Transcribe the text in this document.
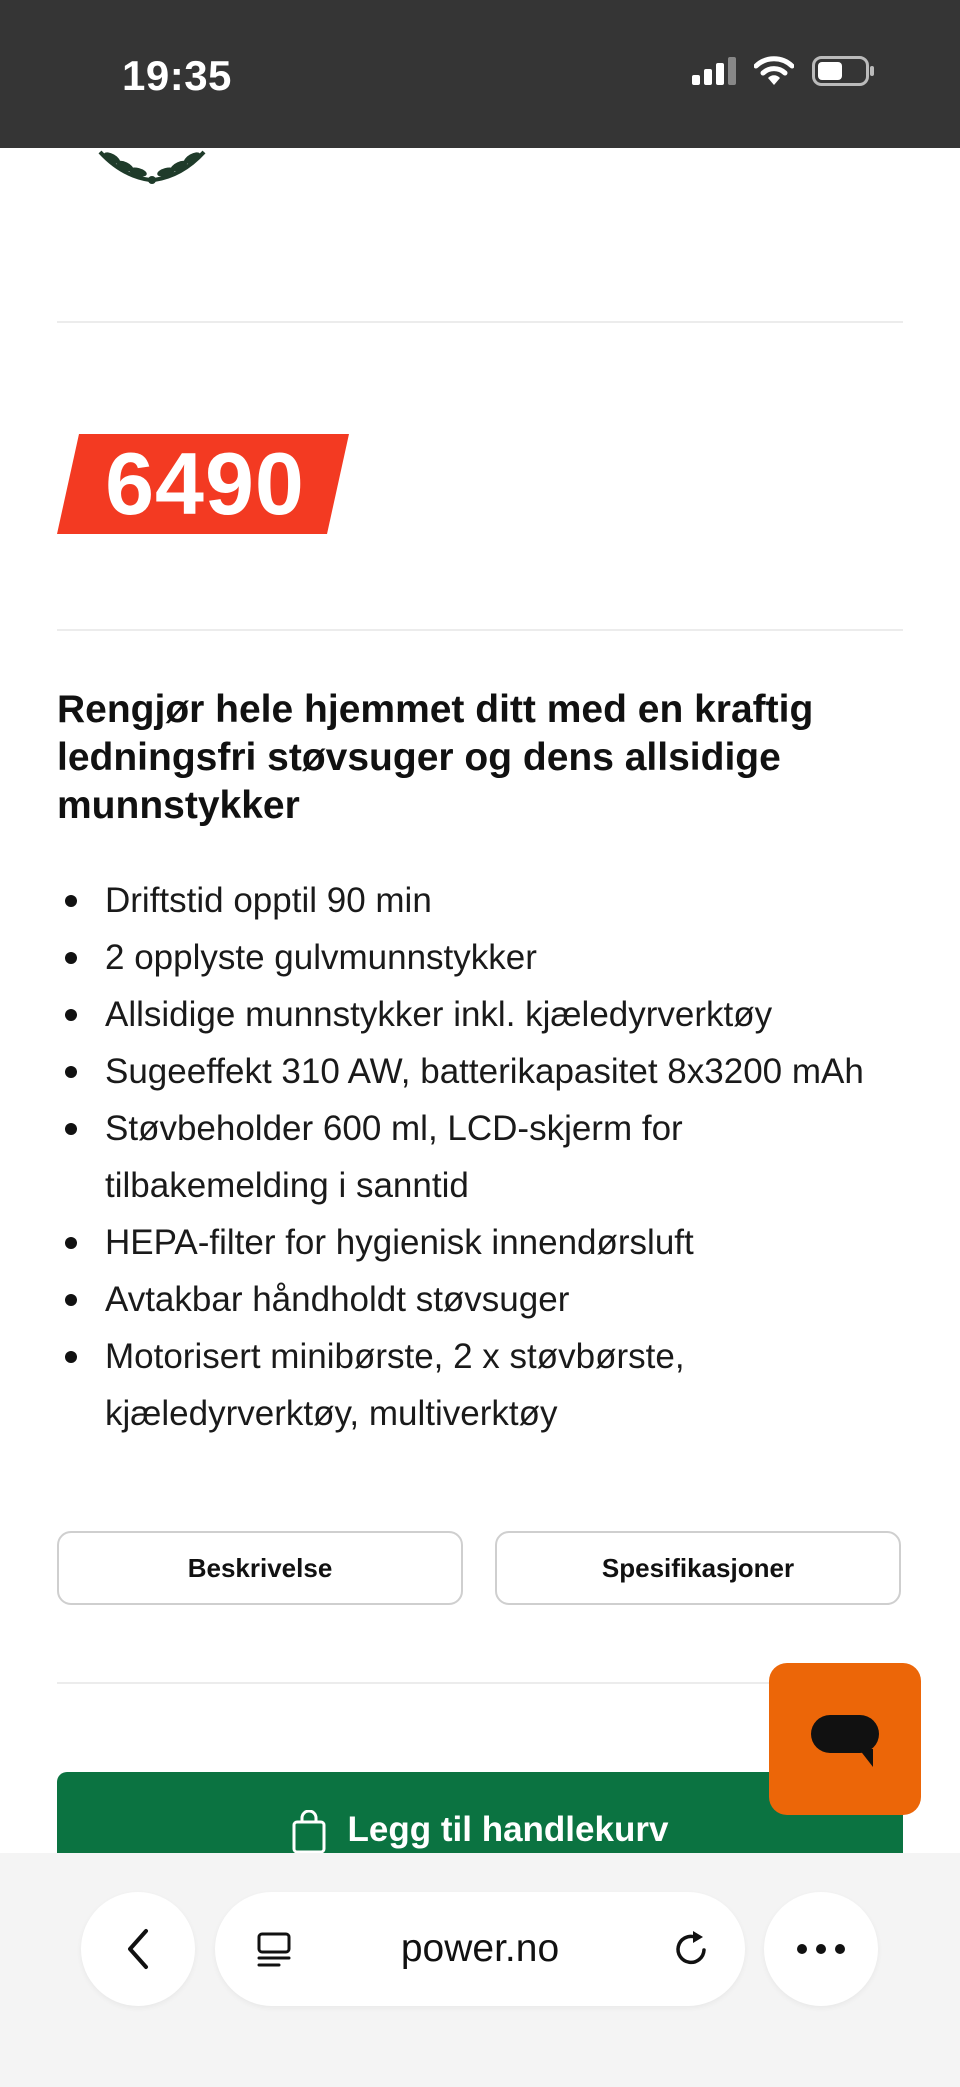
19:35
6490
Rengjør hele hjemmet ditt med en kraftig ledningsfri støvsuger og dens allsidige munnstykker
Driftstid opptil 90 min
2 opplyste gulvmunnstykker
Allsidige munnstykker inkl. kjæledyrverktøy
Sugeeffekt 310 AW, batterikapasitet 8x3200 mAh
Støvbeholder 600 ml, LCD-skjerm for tilbakemelding i sanntid
HEPA-filter for hygienisk innendørsluft
Avtakbar håndholdt støvsuger
Motorisert minibørste, 2 x støvbørste, kjæledyrverktøy, multiverktøy
Beskrivelse	Spesifikasjoner
Legg til handlekurv
power.no
